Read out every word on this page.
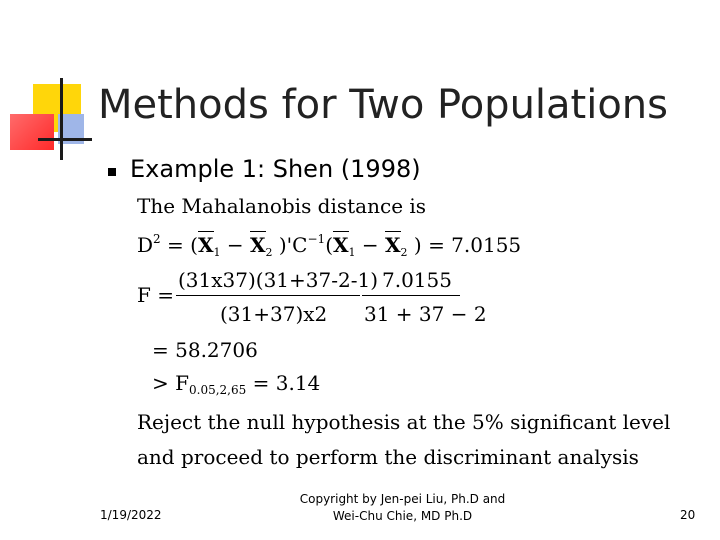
Methods for Two Populations
Example 1: Shen (1998)
The Mahalanobis distance is
$D^2 = (X_1 - X_2$ )'$C^{-1}(X_1 - X_2$ ) = 7.0155
F =
(31x37)(31+37-2-1)
(31+37)x2
7.0155
31 + 37 − 2
= 58.2706
> $F_{0.05,2,65} = 3.14$
Reject the null hypothesis at the 5% significant level
and proceed to perform the discriminant analysis
1/19/2022
Copyright by Jen-pei Liu, Ph.D and
Wei-Chu Chie, MD Ph.D	20
